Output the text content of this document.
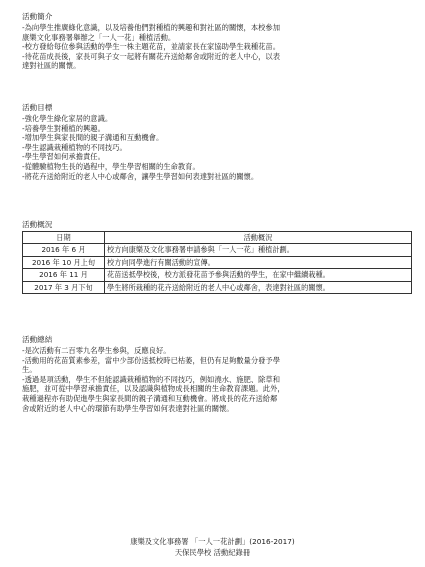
活動簡介
-為向學生推廣綠化意識，以及培養他們對種植的興趣和對社區的關懷，本校參加
康樂文化事務署舉辦之「一人一花」種植活動。
-校方發給每位參與活動的學生一株主題花苗，並請家長在家協助學生栽種花苗。
-待花苗成長後，家長可與子女一起將有關花卉送給鄰舍或附近的老人中心，以表
達對社區的關懷。
活動目標
-強化學生綠化家居的意識。
-培養學生對種植的興趣。
-增加學生與家長間的親子溝通和互動機會。
-學生認識栽種植物的不同技巧。
-學生學習如何承擔責任。
-從體驗植物生長的過程中，學生學習相關的生命教育。
-將花卉送給附近的老人中心或鄰舍，讓學生學習如何表達對社區的關懷。
活動概況
日期	活動概況
2016 年 6 月	校方向康樂及文化事務署申請參與「一人一花」種植計劃。
2016 年 10 月上旬	校方向同學進行有關活動的宣傳。
2016 年 11 月	花苗送抵學校後，校方派發花苗予參與活動的學生，在家中繼續栽種。
2017 年 3 月下旬	學生將所栽種的花卉送給附近的老人中心或鄰舍，表達對社區的關懷。
活動總結
-是次活動有二百零九名學生參與，反應良好。
-活動用的花苗質素參差，當中少部份送抵校時已枯萎，但仍有足夠數量分發予學
生。
-透過是項活動，學生不但能認識栽種植物的不同技巧，例如澆水、施肥、除草和
施肥，並可從中學習承擔責任，以及認識與植物成長相關的生命教育課題。此外，
栽種過程亦有助促進學生與家長間的親子溝通和互動機會。將成長的花卉送給鄰
舍或附近的老人中心的環節有助學生學習如何表達對社區的關懷。
康樂及文化事務署 「一人一花計劃」(2016-2017)
天保民學校 活動紀錄冊
